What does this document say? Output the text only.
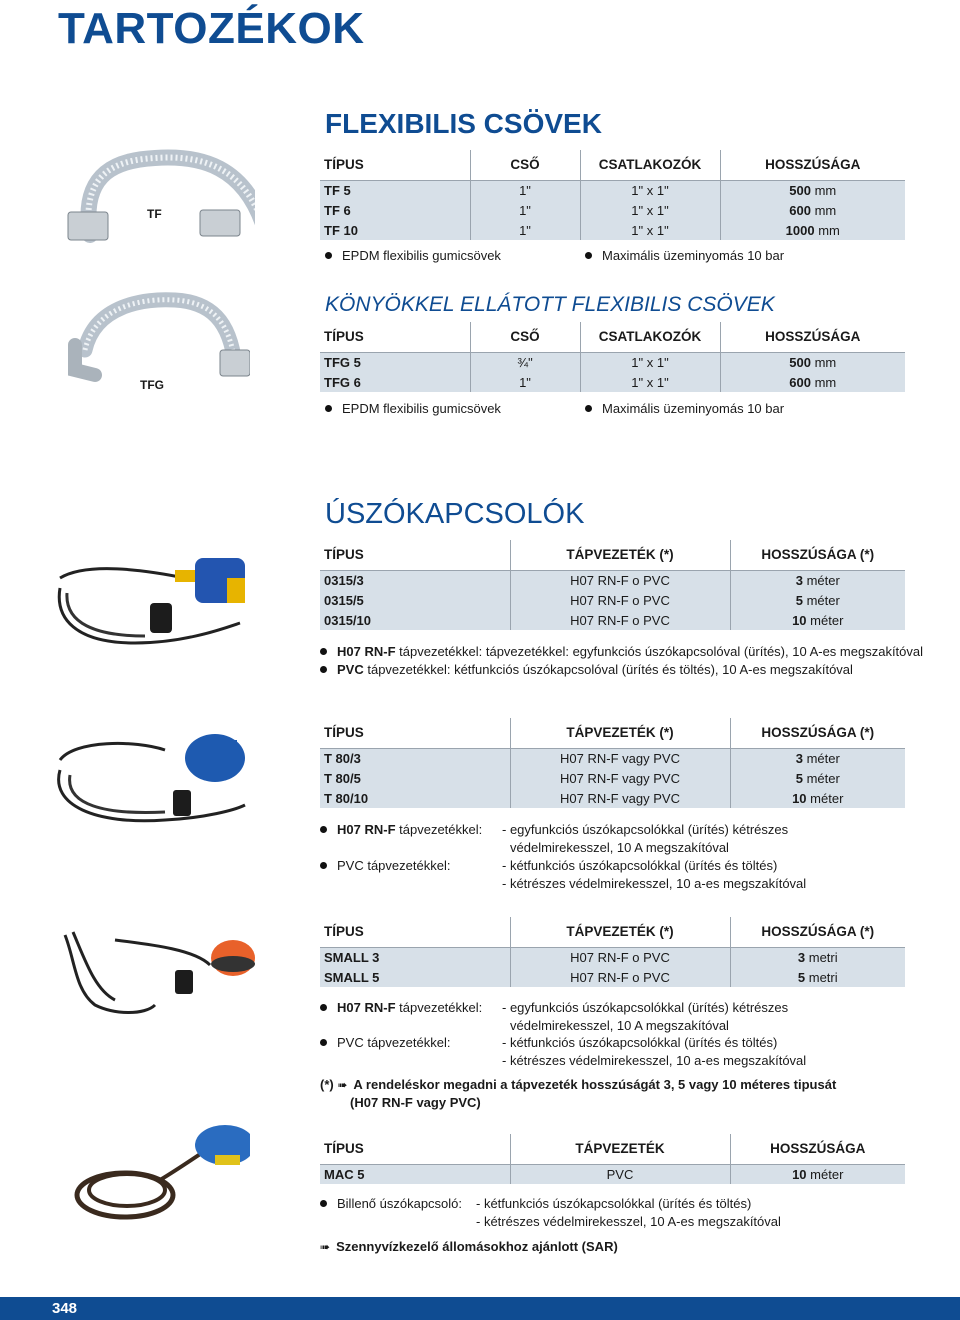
TARTOZÉKOK
FLEXIBILIS CSÖVEK
TF
TÍPUS	CSŐ	CSATLAKOZÓK	HOSSZÚSÁGA
TF 5	1"	1" x 1"	500 mm
TF 6	1"	1" x 1"	600 mm
TF 10	1"	1" x 1"	1000 mm
EPDM flexibilis gumicsövek	Maximális üzeminyomás 10 bar
KÖNYÖKKEL ELLÁTOTT FLEXIBILIS CSÖVEK
TFG
TÍPUS	CSŐ	CSATLAKOZÓK	HOSSZÚSÁGA
TFG 5	¾"	1" x 1"	500 mm
TFG 6	1"	1" x 1"	600 mm
EPDM flexibilis gumicsövek	Maximális üzeminyomás 10 bar
ÚSZÓKAPCSOLÓK
TÍPUS	TÁPVEZETÉK (*)	HOSSZÚSÁGA (*)
0315/3	H07 RN-F o PVC	3 méter
0315/5	H07 RN-F o PVC	5 méter
0315/10	H07 RN-F o PVC	10 méter
H07 RN-F tápvezetékkel: tápvezetékkel: egyfunkciós úszókapcsolóval (ürítés), 10 A-es megszakítóval
PVC tápvezetékkel: kétfunkciós úszókapcsolóval (ürítés és töltés), 10 A-es megszakítóval
TÍPUS	TÁPVEZETÉK (*)	HOSSZÚSÁGA (*)
T 80/3	H07 RN-F vagy PVC	3 méter
T 80/5	H07 RN-F vagy PVC	5 méter
T 80/10	H07 RN-F vagy PVC	10 méter
H07 RN-F tápvezetékkel: - egyfunkciós úszókapcsolókkal (ürítés) kétrészes
védelmirekesszel, 10 A megszakítóval
PVC tápvezetékkel:	- kétfunkciós úszókapcsolókkal (ürítés és töltés)
- kétrészes védelmirekesszel, 10 a-es megszakítóval
TÍPUS	TÁPVEZETÉK (*)	HOSSZÚSÁGA (*)
SMALL 3	H07 RN-F o PVC	3 metri
SMALL 5	H07 RN-F o PVC	5 metri
H07 RN-F tápvezetékkel: - egyfunkciós úszókapcsolókkal (ürítés) kétrészes
védelmirekesszel, 10 A megszakítóval
PVC tápvezetékkel:	- kétfunkciós úszókapcsolókkal (ürítés és töltés)
- kétrészes védelmirekesszel, 10 a-es megszakítóval
(*) ➠ A rendeléskor megadni a tápvezeték hosszúságát 3, 5 vagy 10 méteres tipusát
(H07 RN-F vagy PVC)
TÍPUS	TÁPVEZETÉK	HOSSZÚSÁGA
MAC 5	PVC	10 méter
Billenő úszókapcsoló: - kétfunkciós úszókapcsolókkal (ürítés és töltés)
- kétrészes védelmirekesszel, 10 A-es megszakítóval
➠ Szennyvízkezelő állomásokhoz ajánlott (SAR)
348
